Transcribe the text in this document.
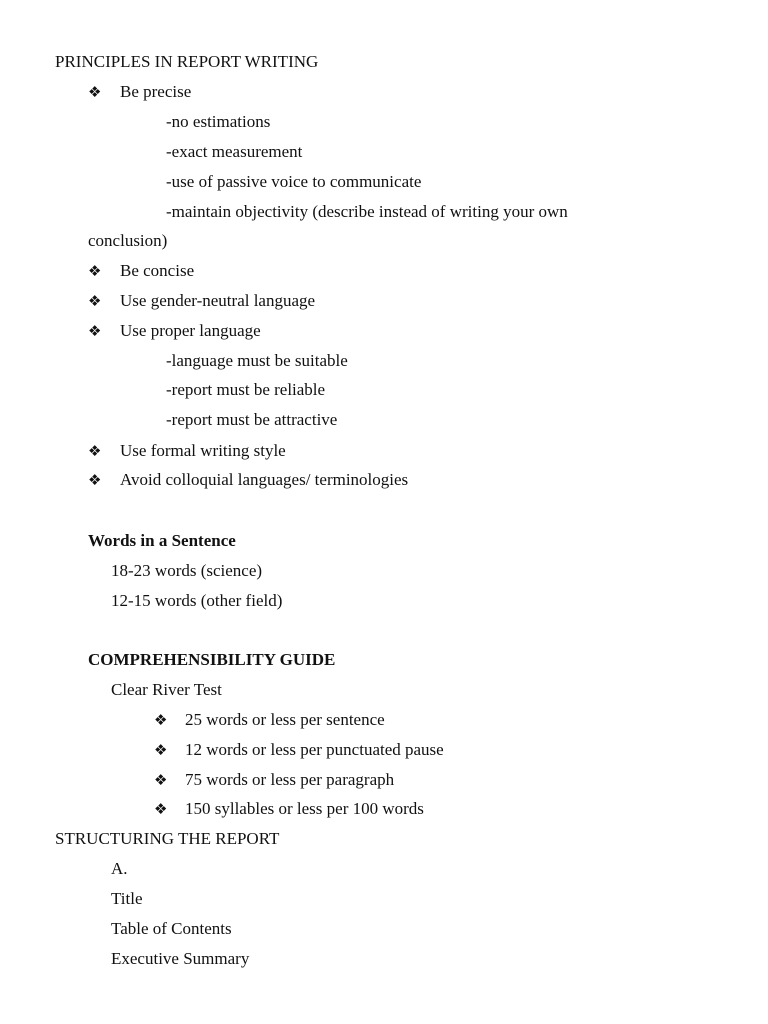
PRINCIPLES IN REPORT WRITING
❖ Be precise
-no estimations
-exact measurement
-use of passive voice to communicate
-maintain objectivity (describe instead of writing your own
conclusion)
❖ Be concise
❖ Use gender-neutral language
❖ Use proper language
-language must be suitable
-report must be reliable
-report must be attractive
❖ Use formal writing style
❖ Avoid colloquial languages/ terminologies
Words in a Sentence
18-23 words (science)
12-15 words (other field)
COMPREHENSIBILITY GUIDE
Clear River Test
❖ 25 words or less per sentence
❖ 12 words or less per punctuated pause
❖ 75 words or less per paragraph
❖ 150 syllables or less per 100 words
STRUCTURING THE REPORT
A.
Title
Table of Contents
Executive Summary
